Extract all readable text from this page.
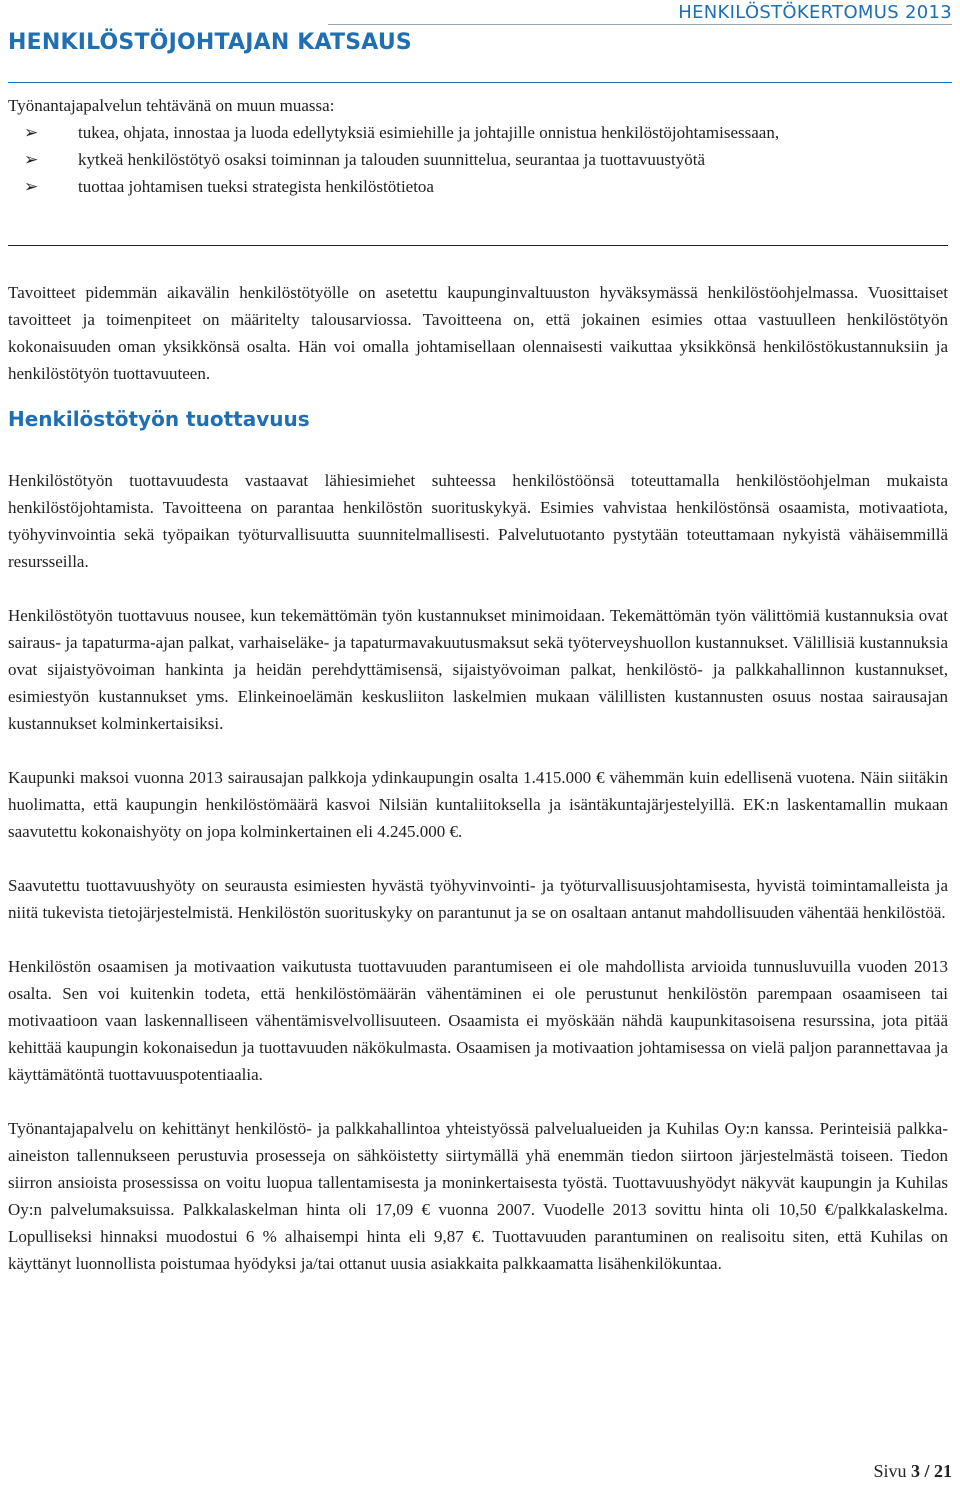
HENKILÖSTÖKERTOMUS 2013
HENKILÖSTÖJOHTAJAN KATSAUS
Työnantajapalvelun tehtävänä on muun muassa:
➢ tukea, ohjata, innostaa ja luoda edellytyksiä esimiehille ja johtajille onnistua henkilöstöjohtamisessaan,
➢ kytkeä henkilöstötyö osaksi toiminnan ja talouden suunnittelua, seurantaa ja tuottavuustyötä
➢ tuottaa johtamisen tueksi strategista henkilöstötietoa

Tavoitteet pidemmän aikavälin henkilöstötyölle on asetettu kaupunginvaltuuston hyväksymässä henkilöstöohjelmassa. Vuosittaiset tavoitteet ja toimenpiteet on määritelty talousarviossa. Tavoitteena on, että jokainen esimies ottaa vastuulleen henkilöstötyön kokonaisuuden oman yksikkönsä osalta. Hän voi omalla johtamisellaan olennaisesti vaikuttaa yksikkönsä henkilöstökustannuksiin ja henkilöstötyön tuottavuuteen.

Henkilöstötyön tuottavuus

Henkilöstötyön tuottavuudesta vastaavat lähiesimiehet suhteessa henkilöstöönsä toteuttamalla henkilöstöohjelman mukaista henkilöstöjohtamista. Tavoitteena on parantaa henkilöstön suorituskykyä. Esimies vahvistaa henkilöstönsä osaamista, motivaatiota, työhyvinvointia sekä työpaikan työturvallisuutta suunnitelmallisesti. Palvelutuotanto pystytään toteuttamaan nykyistä vähäisemmillä resursseilla.

Henkilöstötyön tuottavuus nousee, kun tekemättömän työn kustannukset minimoidaan. Tekemättömän työn välittömiä kustannuksia ovat sairaus- ja tapaturma-ajan palkat, varhaiseläke- ja tapaturmavakuutusmaksut sekä työterveyshuollon kustannukset. Välillisiä kustannuksia ovat sijaistyövoiman hankinta ja heidän perehdyttämisensä, sijaistyövoiman palkat, henkilöstö- ja palkkahallinnon kustannukset, esimiestyön kustannukset yms. Elinkeinoelämän keskusliiton laskelmien mukaan välillisten kustannusten osuus nostaa sairausajan kustannukset kolminkertaisiksi.

Kaupunki maksoi vuonna 2013 sairausajan palkkoja ydinkaupungin osalta 1.415.000 € vähemmän kuin edellisenä vuotena. Näin siitäkin huolimatta, että kaupungin henkilöstömäärä kasvoi Nilsiän kuntaliitoksella ja isäntäkuntajärjestelyillä. EK:n laskentamallin mukaan saavutettu kokonaishyöty on jopa kolminkertainen eli 4.245.000 €.

Saavutettu tuottavuushyöty on seurausta esimiesten hyvästä työhyvinvointi- ja työturvallisuusjohtamisesta, hyvistä toimintamalleista ja niitä tukevista tietojärjestelmistä. Henkilöstön suorituskyky on parantunut ja se on osaltaan antanut mahdollisuuden vähentää henkilöstöä.

Henkilöstön osaamisen ja motivaation vaikutusta tuottavuuden parantumiseen ei ole mahdollista arvioida tunnusluvuilla vuoden 2013 osalta. Sen voi kuitenkin todeta, että henkilöstömäärän vähentäminen ei ole perustunut henkilöstön parempaan osaamiseen tai motivaatioon vaan laskennalliseen vähentämisvelvollisuuteen. Osaamista ei myöskään nähdä kaupunkitasoisena resurssina, jota pitää kehittää kaupungin kokonaisedun ja tuottavuuden näkökulmasta. Osaamisen ja motivaation johtamisessa on vielä paljon parannettavaa ja käyttämätöntä tuottavuuspotentiaalia.

Työnantajapalvelu on kehittänyt henkilöstö- ja palkkahallintoa yhteistyössä palvelualueiden ja Kuhilas Oy:n kanssa. Perinteisiä palkka-aineiston tallennukseen perustuvia prosesseja on sähköistetty siirtymällä yhä enemmän tiedon siirtoon järjestelmästä toiseen. Tiedon siirron ansioista prosessissa on voitu luopua tallentamisesta ja moninkertaisesta työstä. Tuottavuushyödyt näkyvät kaupungin ja Kuhilas Oy:n palvelumaksuissa. Palkkalaskelman hinta oli 17,09 € vuonna 2007. Vuodelle 2013 sovittu hinta oli 10,50 €/palkkalaskelma. Lopulliseksi hinnaksi muodostui 6 % alhaisempi hinta eli 9,87 €. Tuottavuuden parantuminen on realisoitu siten, että Kuhilas on käyttänyt luonnollista poistumaa hyödyksi ja/tai ottanut uusia asiakkaita palkkaamatta lisähenkilökuntaa.

Sivu 3 / 21
